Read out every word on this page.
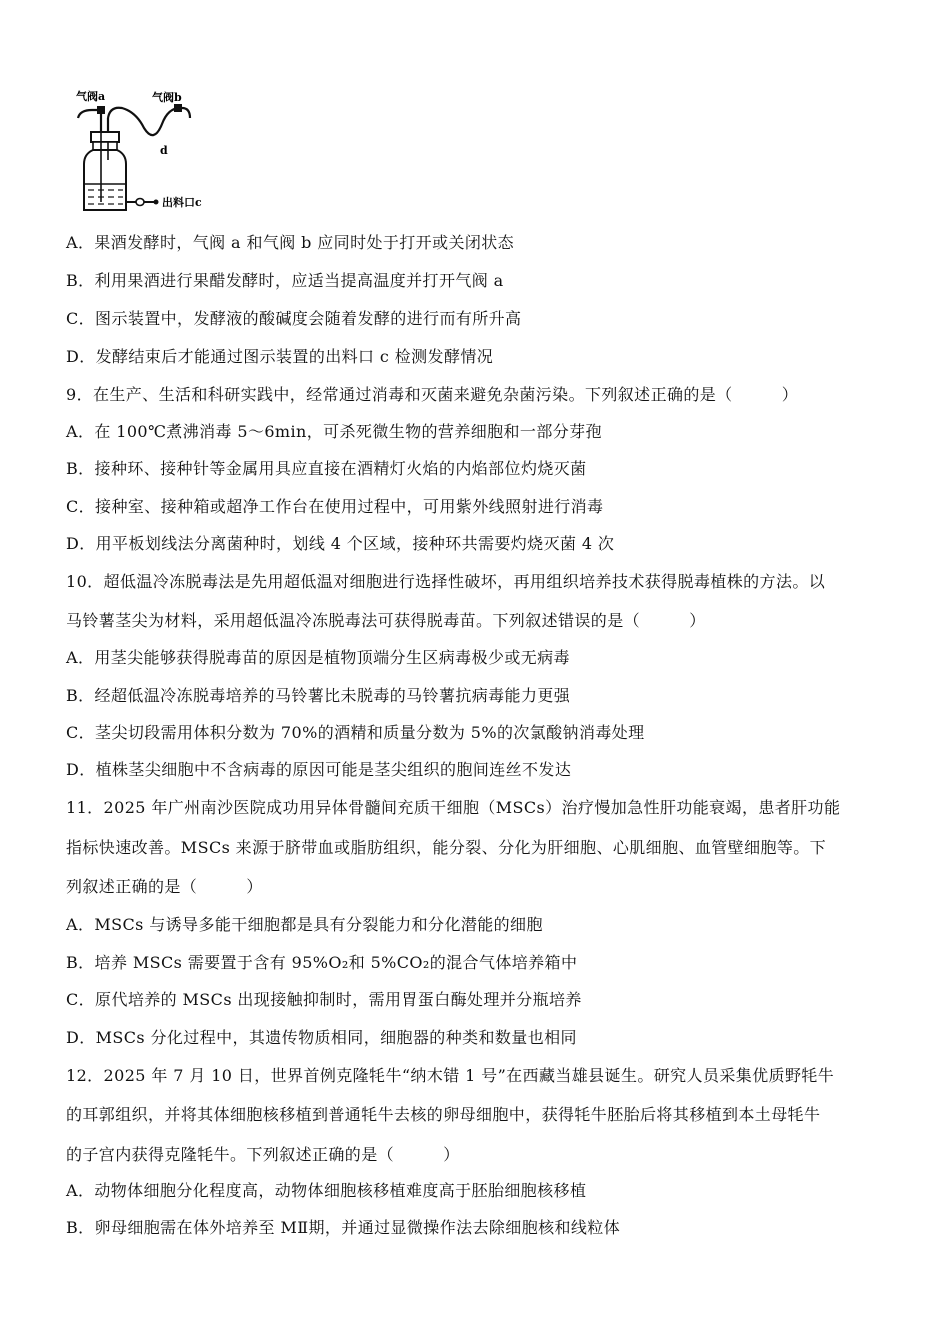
气阀a	气阀b
d
出料口c
A．果酒发酵时，气阀 a 和气阀 b 应同时处于打开或关闭状态
B．利用果酒进行果醋发酵时，应适当提高温度并打开气阀 a
C．图示装置中，发酵液的酸碱度会随着发酵的进行而有所升高
D．发酵结束后才能通过图示装置的出料口 c 检测发酵情况
9．在生产、生活和科研实践中，经常通过消毒和灭菌来避免杂菌污染。下列叙述正确的是（　　　）
A．在 100℃煮沸消毒 5～6min，可杀死微生物的营养细胞和一部分芽孢
B．接种环、接种针等金属用具应直接在酒精灯火焰的内焰部位灼烧灭菌
C．接种室、接种箱或超净工作台在使用过程中，可用紫外线照射进行消毒
D．用平板划线法分离菌种时，划线 4 个区域，接种环共需要灼烧灭菌 4 次
10．超低温冷冻脱毒法是先用超低温对细胞进行选择性破坏，再用组织培养技术获得脱毒植株的方法。以
马铃薯茎尖为材料，采用超低温冷冻脱毒法可获得脱毒苗。下列叙述错误的是（　　　）
A．用茎尖能够获得脱毒苗的原因是植物顶端分生区病毒极少或无病毒
B．经超低温冷冻脱毒培养的马铃薯比未脱毒的马铃薯抗病毒能力更强
C．茎尖切段需用体积分数为 70%的酒精和质量分数为 5%的次氯酸钠消毒处理
D．植株茎尖细胞中不含病毒的原因可能是茎尖组织的胞间连丝不发达
11．2025 年广州南沙医院成功用异体骨髓间充质干细胞（MSCs）治疗慢加急性肝功能衰竭，患者肝功能
指标快速改善。MSCs 来源于脐带血或脂肪组织，能分裂、分化为肝细胞、心肌细胞、血管壁细胞等。下
列叙述正确的是（　　　）
A．MSCs 与诱导多能干细胞都是具有分裂能力和分化潜能的细胞
B．培养 MSCs 需要置于含有 95%O₂和 5%CO₂的混合气体培养箱中
C．原代培养的 MSCs 出现接触抑制时，需用胃蛋白酶处理并分瓶培养
D．MSCs 分化过程中，其遗传物质相同，细胞器的种类和数量也相同
12．2025 年 7 月 10 日，世界首例克隆牦牛“纳木错 1 号”在西藏当雄县诞生。研究人员采集优质野牦牛
的耳郭组织，并将其体细胞核移植到普通牦牛去核的卵母细胞中，获得牦牛胚胎后将其移植到本土母牦牛
的子宫内获得克隆牦牛。下列叙述正确的是（　　　）
A．动物体细胞分化程度高，动物体细胞核移植难度高于胚胎细胞核移植
B．卵母细胞需在体外培养至 MⅡ期，并通过显微操作法去除细胞核和线粒体
